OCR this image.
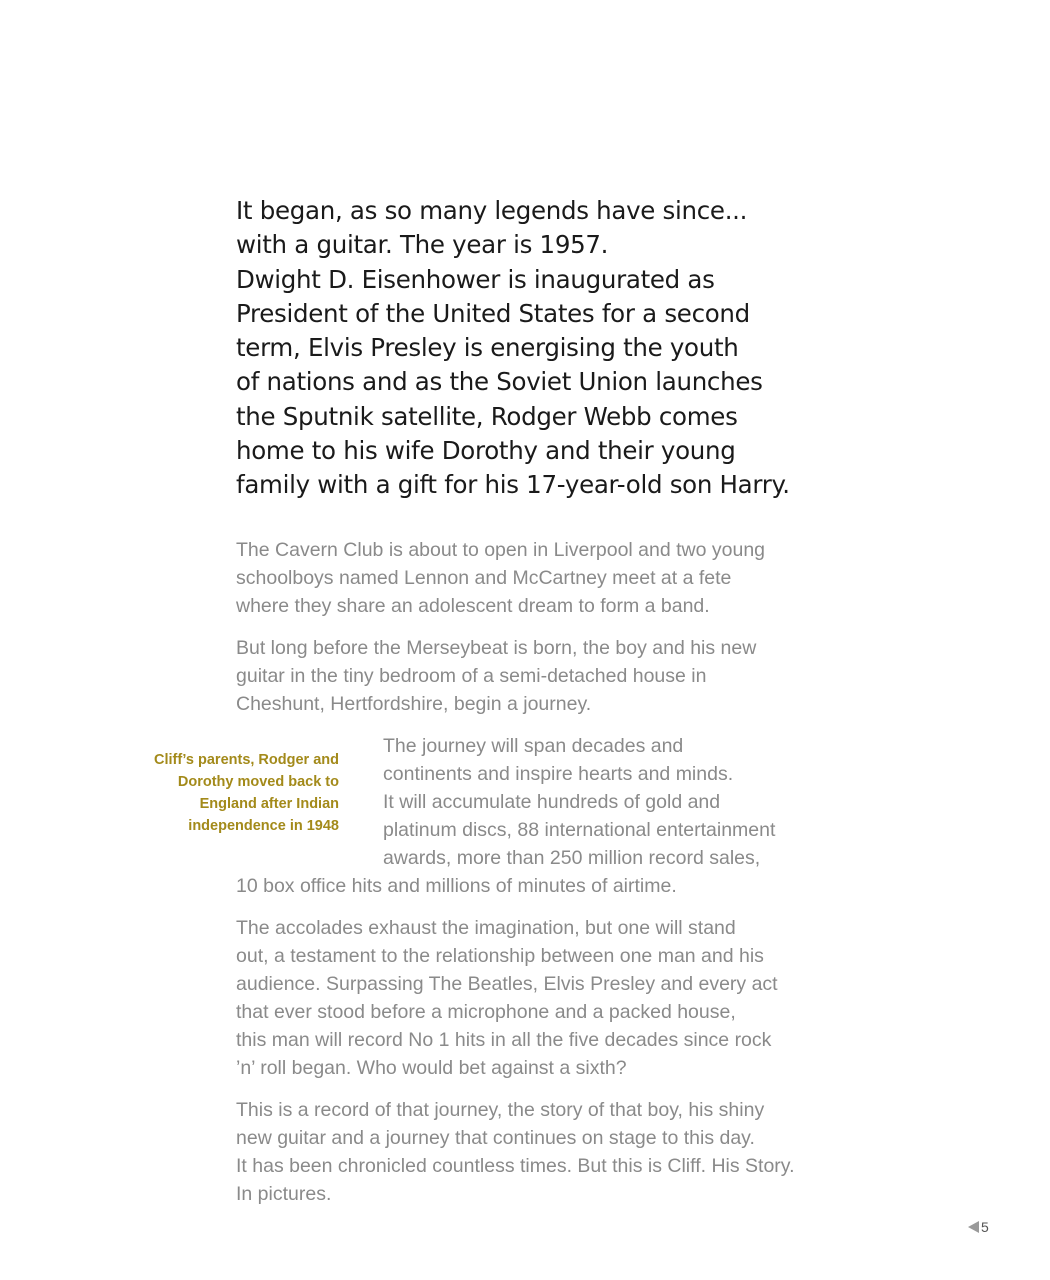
It began, as so many legends have since...
with a guitar. The year is 1957.
Dwight D. Eisenhower is inaugurated as
President of the United States for a second
term, Elvis Presley is energising the youth
of nations and as the Soviet Union launches
the Sputnik satellite, Rodger Webb comes
home to his wife Dorothy and their young
family with a gift for his 17-year-old son Harry.
The Cavern Club is about to open in Liverpool and two young
schoolboys named Lennon and McCartney meet at a fete
where they share an adolescent dream to form a band.
But long before the Merseybeat is born, the boy and his new
guitar in the tiny bedroom of a semi-detached house in
Cheshunt, Hertfordshire, begin a journey.
Cliff’s parents, Rodger and
Dorothy moved back to
England after Indian
independence in 1948
The journey will span decades and
continents and inspire hearts and minds.
It will accumulate hundreds of gold and
platinum discs, 88 international entertainment
awards, more than 250 million record sales,
10 box office hits and millions of minutes of airtime.
The accolades exhaust the imagination, but one will stand
out, a testament to the relationship between one man and his
audience. Surpassing The Beatles, Elvis Presley and every act
that ever stood before a microphone and a packed house,
this man will record No 1 hits in all the five decades since rock
’n’ roll began. Who would bet against a sixth?
This is a record of that journey, the story of that boy, his shiny
new guitar and a journey that continues on stage to this day.
It has been chronicled countless times. But this is Cliff. His Story.
In pictures.
5
